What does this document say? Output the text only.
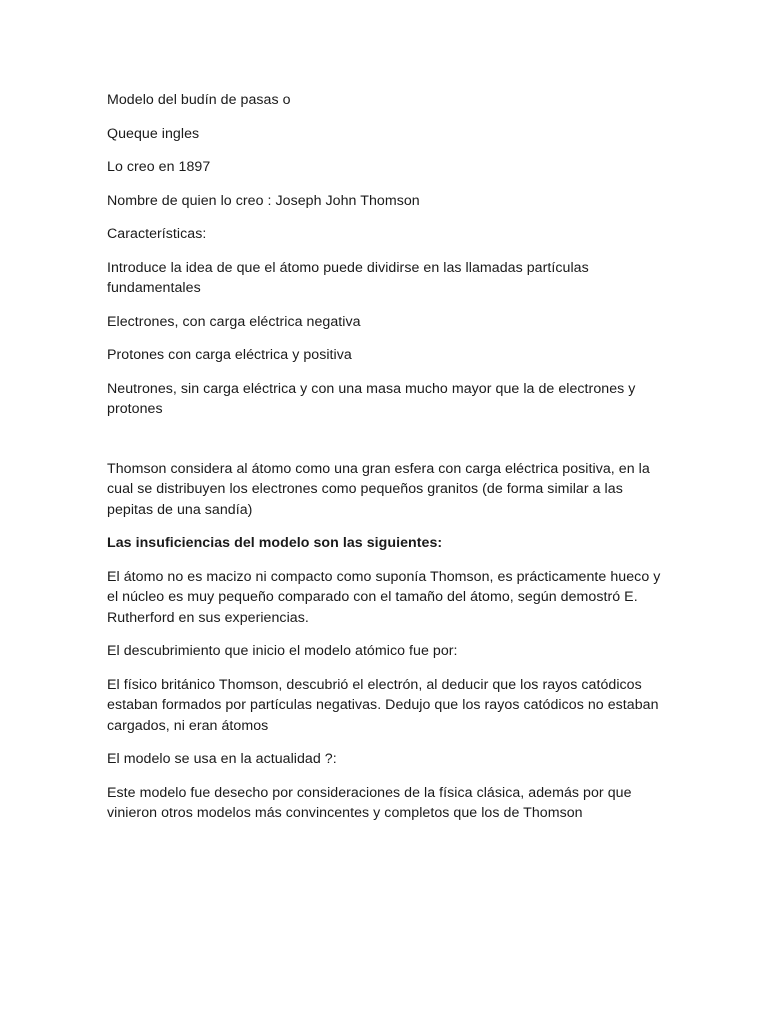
Modelo del budín de pasas o

Queque ingles

Lo creo en 1897

Nombre de quien lo creo : Joseph John Thomson

Características:

Introduce la idea de que el átomo puede dividirse en las llamadas partículas fundamentales

Electrones, con carga eléctrica negativa

Protones con carga eléctrica y positiva

Neutrones, sin carga eléctrica y con una masa mucho mayor que la de electrones y protones

Thomson considera al átomo como una gran esfera con carga eléctrica positiva, en la cual se distribuyen los electrones como pequeños granitos (de forma similar a las pepitas de una sandía)

Las insuficiencias del modelo son las siguientes:

El átomo no es macizo ni compacto como suponía Thomson, es prácticamente hueco y el núcleo es muy pequeño comparado con el tamaño del átomo, según demostró E. Rutherford en sus experiencias.

El descubrimiento que inicio el modelo atómico fue por:

El físico británico Thomson, descubrió el electrón, al deducir que los rayos catódicos estaban formados por partículas negativas. Dedujo que los rayos catódicos no estaban cargados, ni eran átomos

El modelo se usa en la actualidad ?:

Este modelo fue desecho por consideraciones de la física clásica, además por que vinieron otros modelos más convincentes y completos que los de Thomson
